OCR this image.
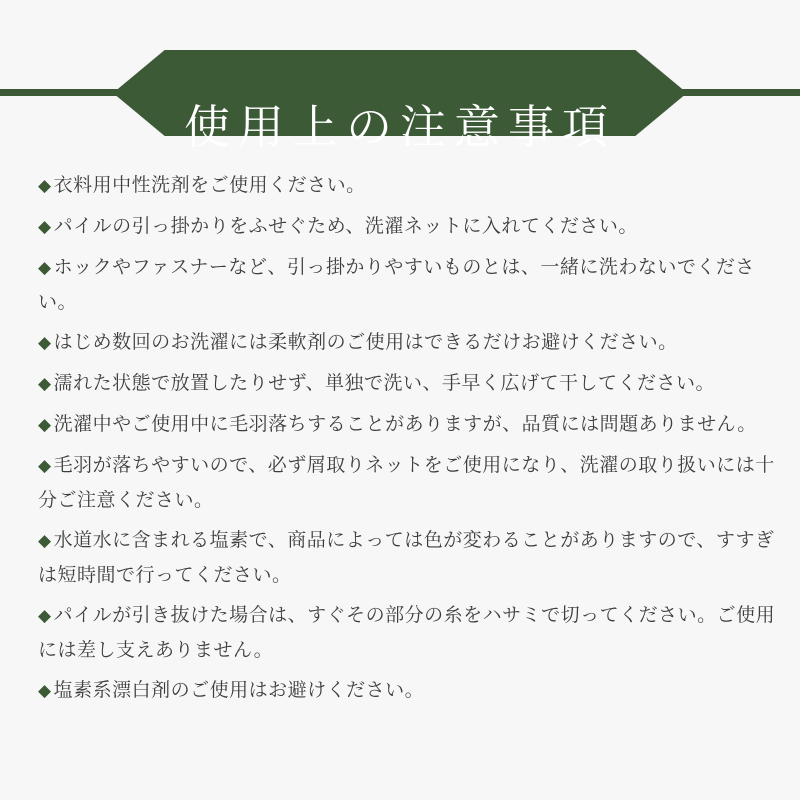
使用上の注意事項
◆ 衣料用中性洗剤をご使用ください。
◆ パイルの引っ掛かりをふせぐため、洗濯ネットに入れてください。
◆ ホックやファスナーなど、引っ掛かりやすいものとは、一緒に洗わないでください。
◆ はじめ数回のお洗濯には柔軟剤のご使用はできるだけお避けください。
◆ 濡れた状態で放置したりせず、単独で洗い、手早く広げて干してください。
◆ 洗濯中やご使用中に毛羽落ちすることがありますが、品質には問題ありません。
◆ 毛羽が落ちやすいので、必ず屑取りネットをご使用になり、洗濯の取り扱いには十分ご注意ください。
◆ 水道水に含まれる塩素で、商品によっては色が変わることがありますので、すすぎは短時間で行ってください。
◆ パイルが引き抜けた場合は、すぐその部分の糸をハサミで切ってください。ご使用には差し支えありません。
◆ 塩素系漂白剤のご使用はお避けください。
